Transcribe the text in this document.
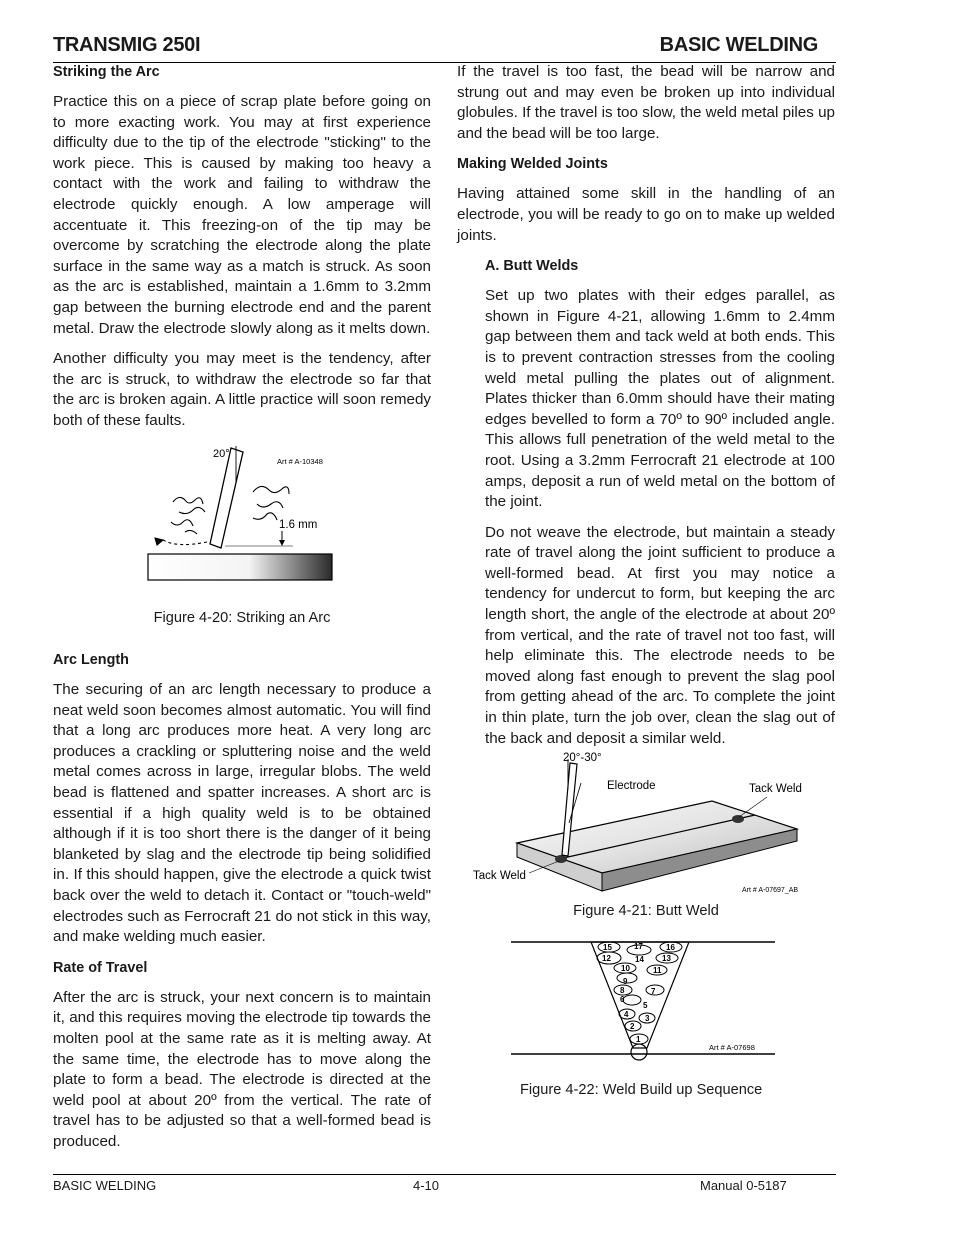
TRANSMIG 250I	BASIC WELDING
Striking the Arc

Practice this on a piece of scrap plate before going on to more exacting work. You may at first experience difficulty due to the tip of the electrode "sticking" to the work piece. This is caused by making too heavy a contact with the work and failing to withdraw the electrode quickly enough. A low amperage will accentuate it. This freezing-on of the tip may be overcome by scratching the electrode along the plate surface in the same way as a match is struck. As soon as the arc is established, maintain a 1.6mm to 3.2mm gap between the burning electrode end and the parent metal. Draw the electrode slowly along as it melts down.

Another difficulty you may meet is the tendency, after the arc is struck, to withdraw the electrode so far that the arc is broken again. A little practice will soon remedy both of these faults.

20°
Art # A-10348
1.6 mm
Figure 4-20: Striking an Arc
Arc Length

The securing of an arc length necessary to produce a neat weld soon becomes almost automatic. You will find that a long arc produces more heat. A very long arc produces a crackling or spluttering noise and the weld metal comes across in large, irregular blobs. The weld bead is flattened and spatter increases. A short arc is essential if a high quality weld is to be obtained although if it is too short there is the danger of it being blanketed by slag and the electrode tip being solidified in. If this should happen, give the electrode a quick twist back over the weld to detach it. Contact or "touch-weld" electrodes such as Ferrocraft 21 do not stick in this way, and make welding much easier.

Rate of Travel

After the arc is struck, your next concern is to maintain it, and this requires moving the electrode tip towards the molten pool at the same rate as it is melting away. At the same time, the electrode has to move along the plate to form a bead. The electrode is directed at the weld pool at about 20º from the vertical. The rate of travel has to be adjusted so that a well-formed bead is produced.

If the travel is too fast, the bead will be narrow and strung out and may even be broken up into individual globules. If the travel is too slow, the weld metal piles up and the bead will be too large.

Making Welded Joints

Having attained some skill in the handling of an electrode, you will be ready to go on to make up welded joints.

A. Butt Welds

Set up two plates with their edges parallel, as shown in Figure 4-21, allowing 1.6mm to 2.4mm gap between them and tack weld at both ends. This is to prevent contraction stresses from the cooling weld metal pulling the plates out of alignment. Plates thicker than 6.0mm should have their mating edges bevelled to form a 70º to 90º included angle. This allows full penetration of the weld metal to the root. Using a 3.2mm Ferrocraft 21 electrode at 100 amps, deposit a run of weld metal on the bottom of the joint.

Do not weave the electrode, but maintain a steady rate of travel along the joint sufficient to produce a well-formed bead. At first you may notice a tendency for undercut to form, but keeping the arc length short, the angle of the electrode at about 20º from vertical, and the rate of travel not too fast, will help eliminate this. The electrode needs to be moved along fast enough to prevent the slag pool from getting ahead of the arc. To complete the joint in thin plate, turn the job over, clean the slag out of the back and deposit a similar weld.

20°-30°
Electrode	Tack Weld
Tack Weld
Art # A-07697_AB
Figure 4-21: Butt Weld
1
2
3
4
5
6
7
8
9
10	11
12	13
14
15	16
17
Art # A-07698
Figure 4-22: Weld Build up Sequence
BASIC WELDING	4-10	Manual 0-5187
